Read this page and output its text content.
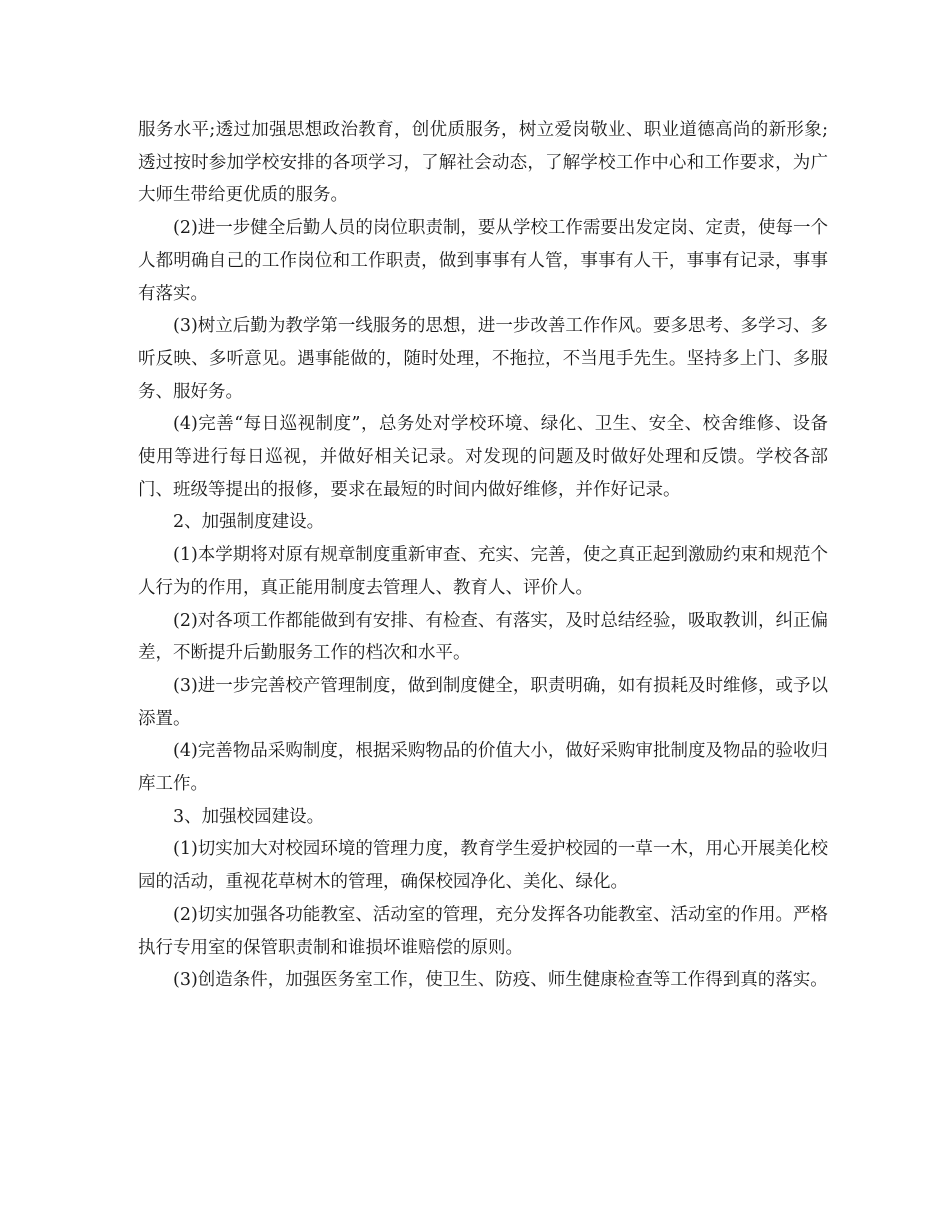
服务水平;透过加强思想政治教育，创优质服务，树立爱岗敬业、职业道德高尚的新形象;透过按时参加学校安排的各项学习，了解社会动态，了解学校工作中心和工作要求，为广大师生带给更优质的服务。

(2)进一步健全后勤人员的岗位职责制，要从学校工作需要出发定岗、定责，使每一个人都明确自己的工作岗位和工作职责，做到事事有人管，事事有人干，事事有记录，事事有落实。

(3)树立后勤为教学第一线服务的思想，进一步改善工作作风。要多思考、多学习、多听反映、多听意见。遇事能做的，随时处理，不拖拉，不当甩手先生。坚持多上门、多服务、服好务。

(4)完善“每日巡视制度”，总务处对学校环境、绿化、卫生、安全、校舍维修、设备使用等进行每日巡视，并做好相关记录。对发现的问题及时做好处理和反馈。学校各部门、班级等提出的报修，要求在最短的时间内做好维修，并作好记录。

2、加强制度建设。

(1)本学期将对原有规章制度重新审查、充实、完善，使之真正起到激励约束和规范个人行为的作用，真正能用制度去管理人、教育人、评价人。

(2)对各项工作都能做到有安排、有检查、有落实，及时总结经验，吸取教训，纠正偏差，不断提升后勤服务工作的档次和水平。

(3)进一步完善校产管理制度，做到制度健全，职责明确，如有损耗及时维修，或予以添置。

(4)完善物品采购制度，根据采购物品的价值大小，做好采购审批制度及物品的验收归库工作。

3、加强校园建设。

(1)切实加大对校园环境的管理力度，教育学生爱护校园的一草一木，用心开展美化校园的活动，重视花草树木的管理，确保校园净化、美化、绿化。

(2)切实加强各功能教室、活动室的管理，充分发挥各功能教室、活动室的作用。严格执行专用室的保管职责制和谁损坏谁赔偿的原则。

(3)创造条件，加强医务室工作，使卫生、防疫、师生健康检查等工作得到真的落实。
